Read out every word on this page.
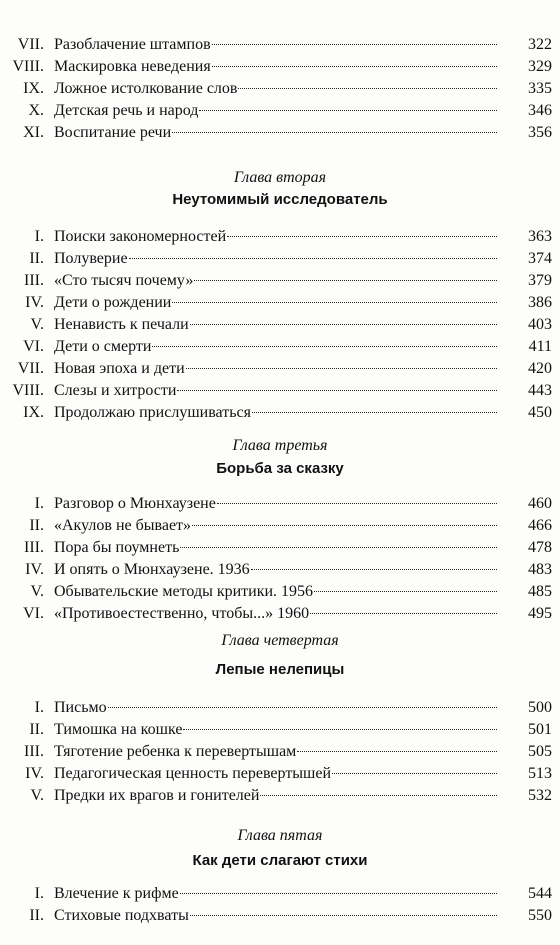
VII. Разоблачение штампов	322
VIII. Маскировка неведения	329
IX. Ложное истолкование слов	335
X. Детская речь и народ	346
XI. Воспитание речи	356
Глава вторая
Неутомимый исследователь
I. Поиски закономерностей	363
II. Полуверие	374
III. «Сто тысяч почему»	379
IV. Дети о рождении	386
V. Ненависть к печали	403
VI. Дети о смерти	411
VII. Новая эпоха и дети	420
VIII. Слезы и хитрости	443
IX. Продолжаю прислушиваться	450
Глава третья
Борьба за сказку
I. Разговор о Мюнхаузене	460
II. «Акулов не бывает»	466
III. Пора бы поумнеть	478
IV. И опять о Мюнхаузене. 1936	483
V. Обывательские методы критики. 1956	485
VI. «Противоестественно, чтобы...» 1960	495
Глава четвертая
Лепые нелепицы
I. Письмо	500
II. Тимошка на кошке	501
III. Тяготение ребенка к перевертышам	505
IV. Педагогическая ценность перевертышей	513
V. Предки их врагов и гонителей	532
Глава пятая
Как дети слагают стихи
I. Влечение к рифме	544
II. Стиховые подхваты	550
